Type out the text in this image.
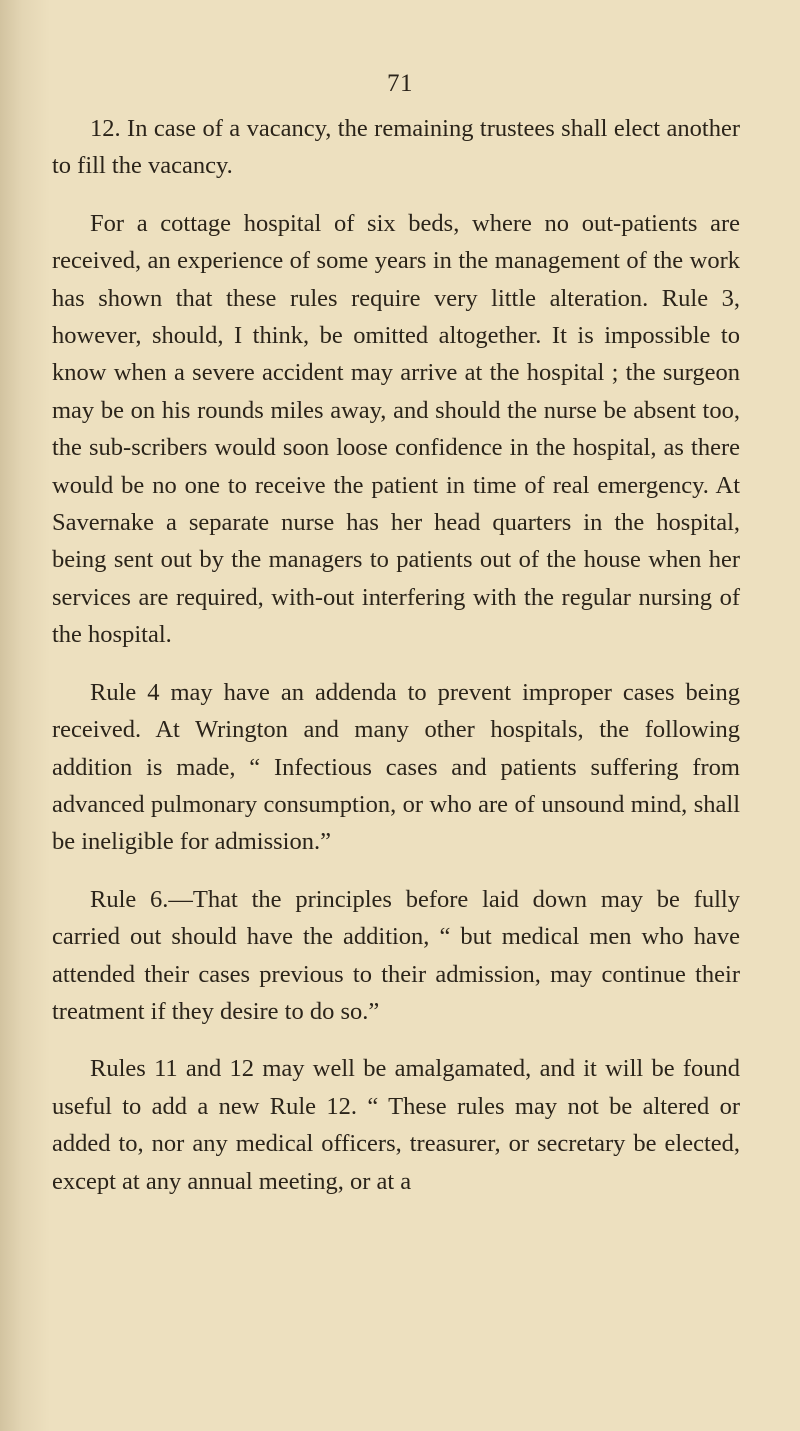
71

12. In case of a vacancy, the remaining trustees shall elect another to fill the vacancy.

For a cottage hospital of six beds, where no out-patients are received, an experience of some years in the management of the work has shown that these rules require very little alteration. Rule 3, however, should, I think, be omitted altogether. It is impossible to know when a severe accident may arrive at the hospital ; the surgeon may be on his rounds miles away, and should the nurse be absent too, the sub-scribers would soon loose confidence in the hospital, as there would be no one to receive the patient in time of real emergency. At Savernake a separate nurse has her head quarters in the hospital, being sent out by the managers to patients out of the house when her services are required, with-out interfering with the regular nursing of the hospital.

Rule 4 may have an addenda to prevent improper cases being received. At Wrington and many other hospitals, the following addition is made, “ Infectious cases and patients suffering from advanced pulmonary consumption, or who are of unsound mind, shall be ineligible for admission.”

Rule 6.—That the principles before laid down may be fully carried out should have the addition, “ but medical men who have attended their cases previous to their admission, may continue their treatment if they desire to do so.”

Rules 11 and 12 may well be amalgamated, and it will be found useful to add a new Rule 12. “ These rules may not be altered or added to, nor any medical officers, treasurer, or secretary be elected, except at any annual meeting, or at a
